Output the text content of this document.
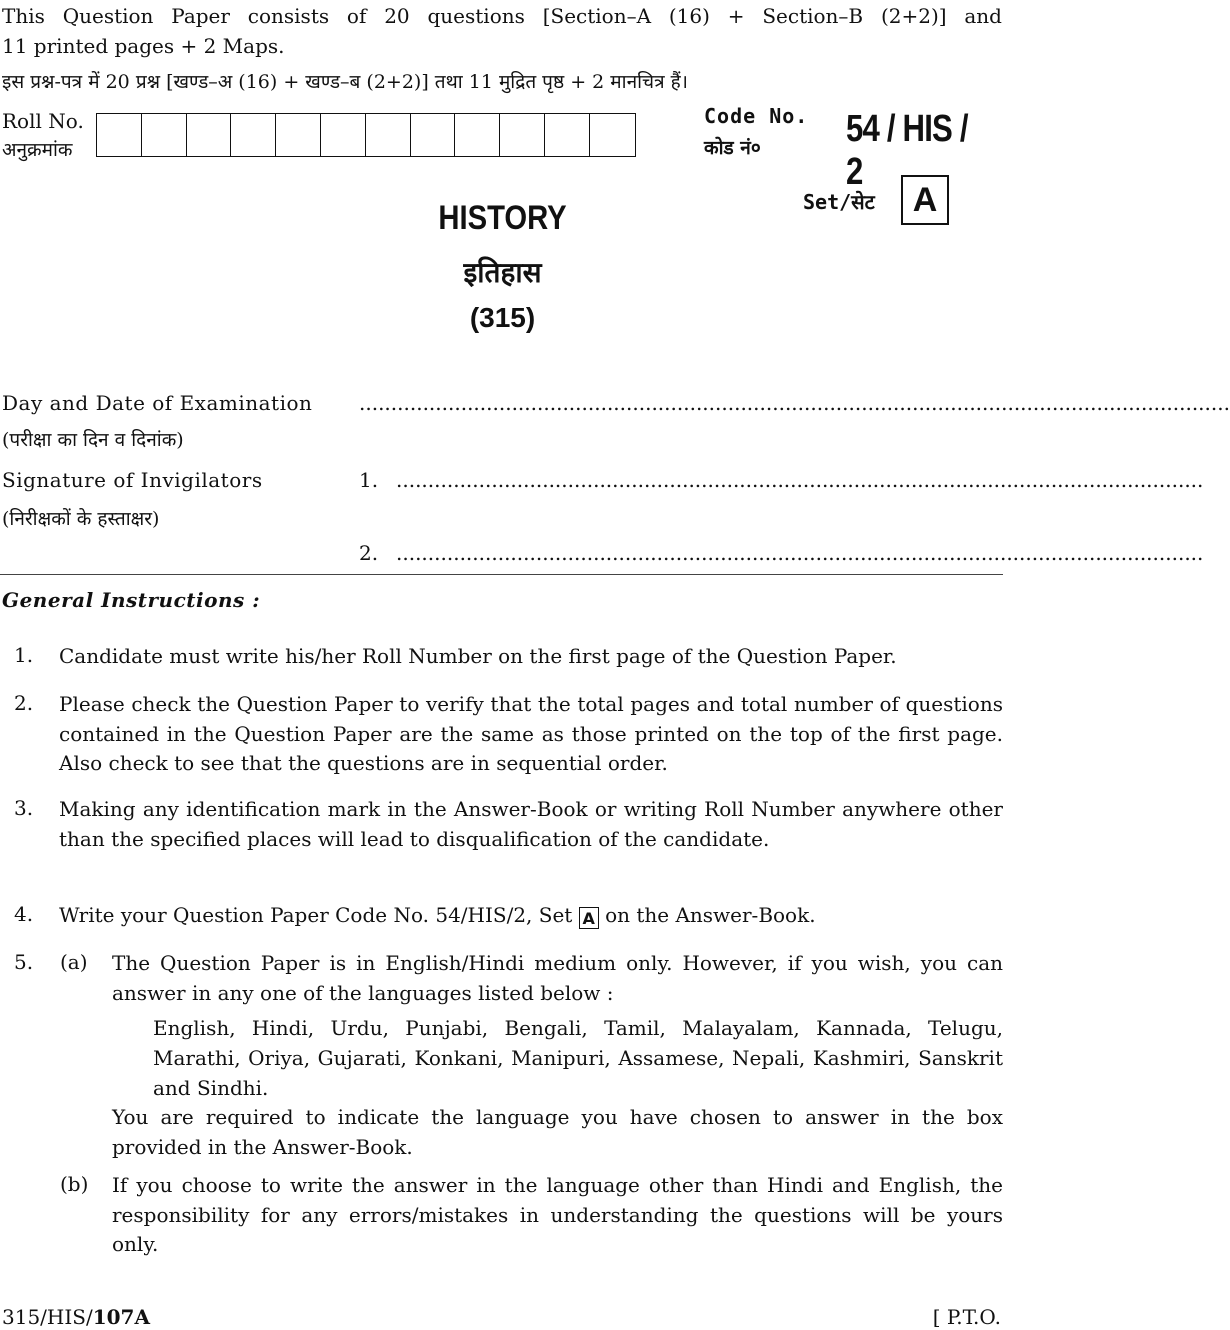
This Question Paper consists of 20 questions [Section–A (16) + Section–B (2+2)] and
11 printed pages + 2 Maps.
इस प्रश्न-पत्र में 20 प्रश्न [खण्ड–अ (16) + खण्ड–ब (2+2)] तथा 11 मुद्रित पृष्ठ + 2 मानचित्र हैं।
Roll No.
अनुक्रमांक
Code No.
कोड नं० 54 / HIS / 2
Set/सेट	A
HISTORY
इतिहास
(315)
Day and Date of Examination
(परीक्षा का दिन व दिनांक)
.........................................................................................................................................
Signature of Invigilators
(निरीक्षकों के हस्ताक्षर)
1. ...............................................................................................................................
2. ...............................................................................................................................
General Instructions :
1. Candidate must write his/her Roll Number on the first page of the Question Paper.
2. Please check the Question Paper to verify that the total pages and total number of questions contained in the Question Paper are the same as those printed on the top of the first page. Also check to see that the questions are in sequential order.
3. Making any identification mark in the Answer-Book or writing Roll Number anywhere other than the specified places will lead to disqualification of the candidate.
4. Write your Question Paper Code No. 54/HIS/2, Set A on the Answer-Book.
5. (a) The Question Paper is in English/Hindi medium only. However, if you wish, you can answer in any one of the languages listed below :
English, Hindi, Urdu, Punjabi, Bengali, Tamil, Malayalam, Kannada, Telugu, Marathi, Oriya, Gujarati, Konkani, Manipuri, Assamese, Nepali, Kashmiri, Sanskrit and Sindhi.
You are required to indicate the language you have chosen to answer in the box provided in the Answer-Book.
(b) If you choose to write the answer in the language other than Hindi and English, the responsibility for any errors/mistakes in understanding the questions will be yours only.
315/HIS/107A	[ P.T.O.
